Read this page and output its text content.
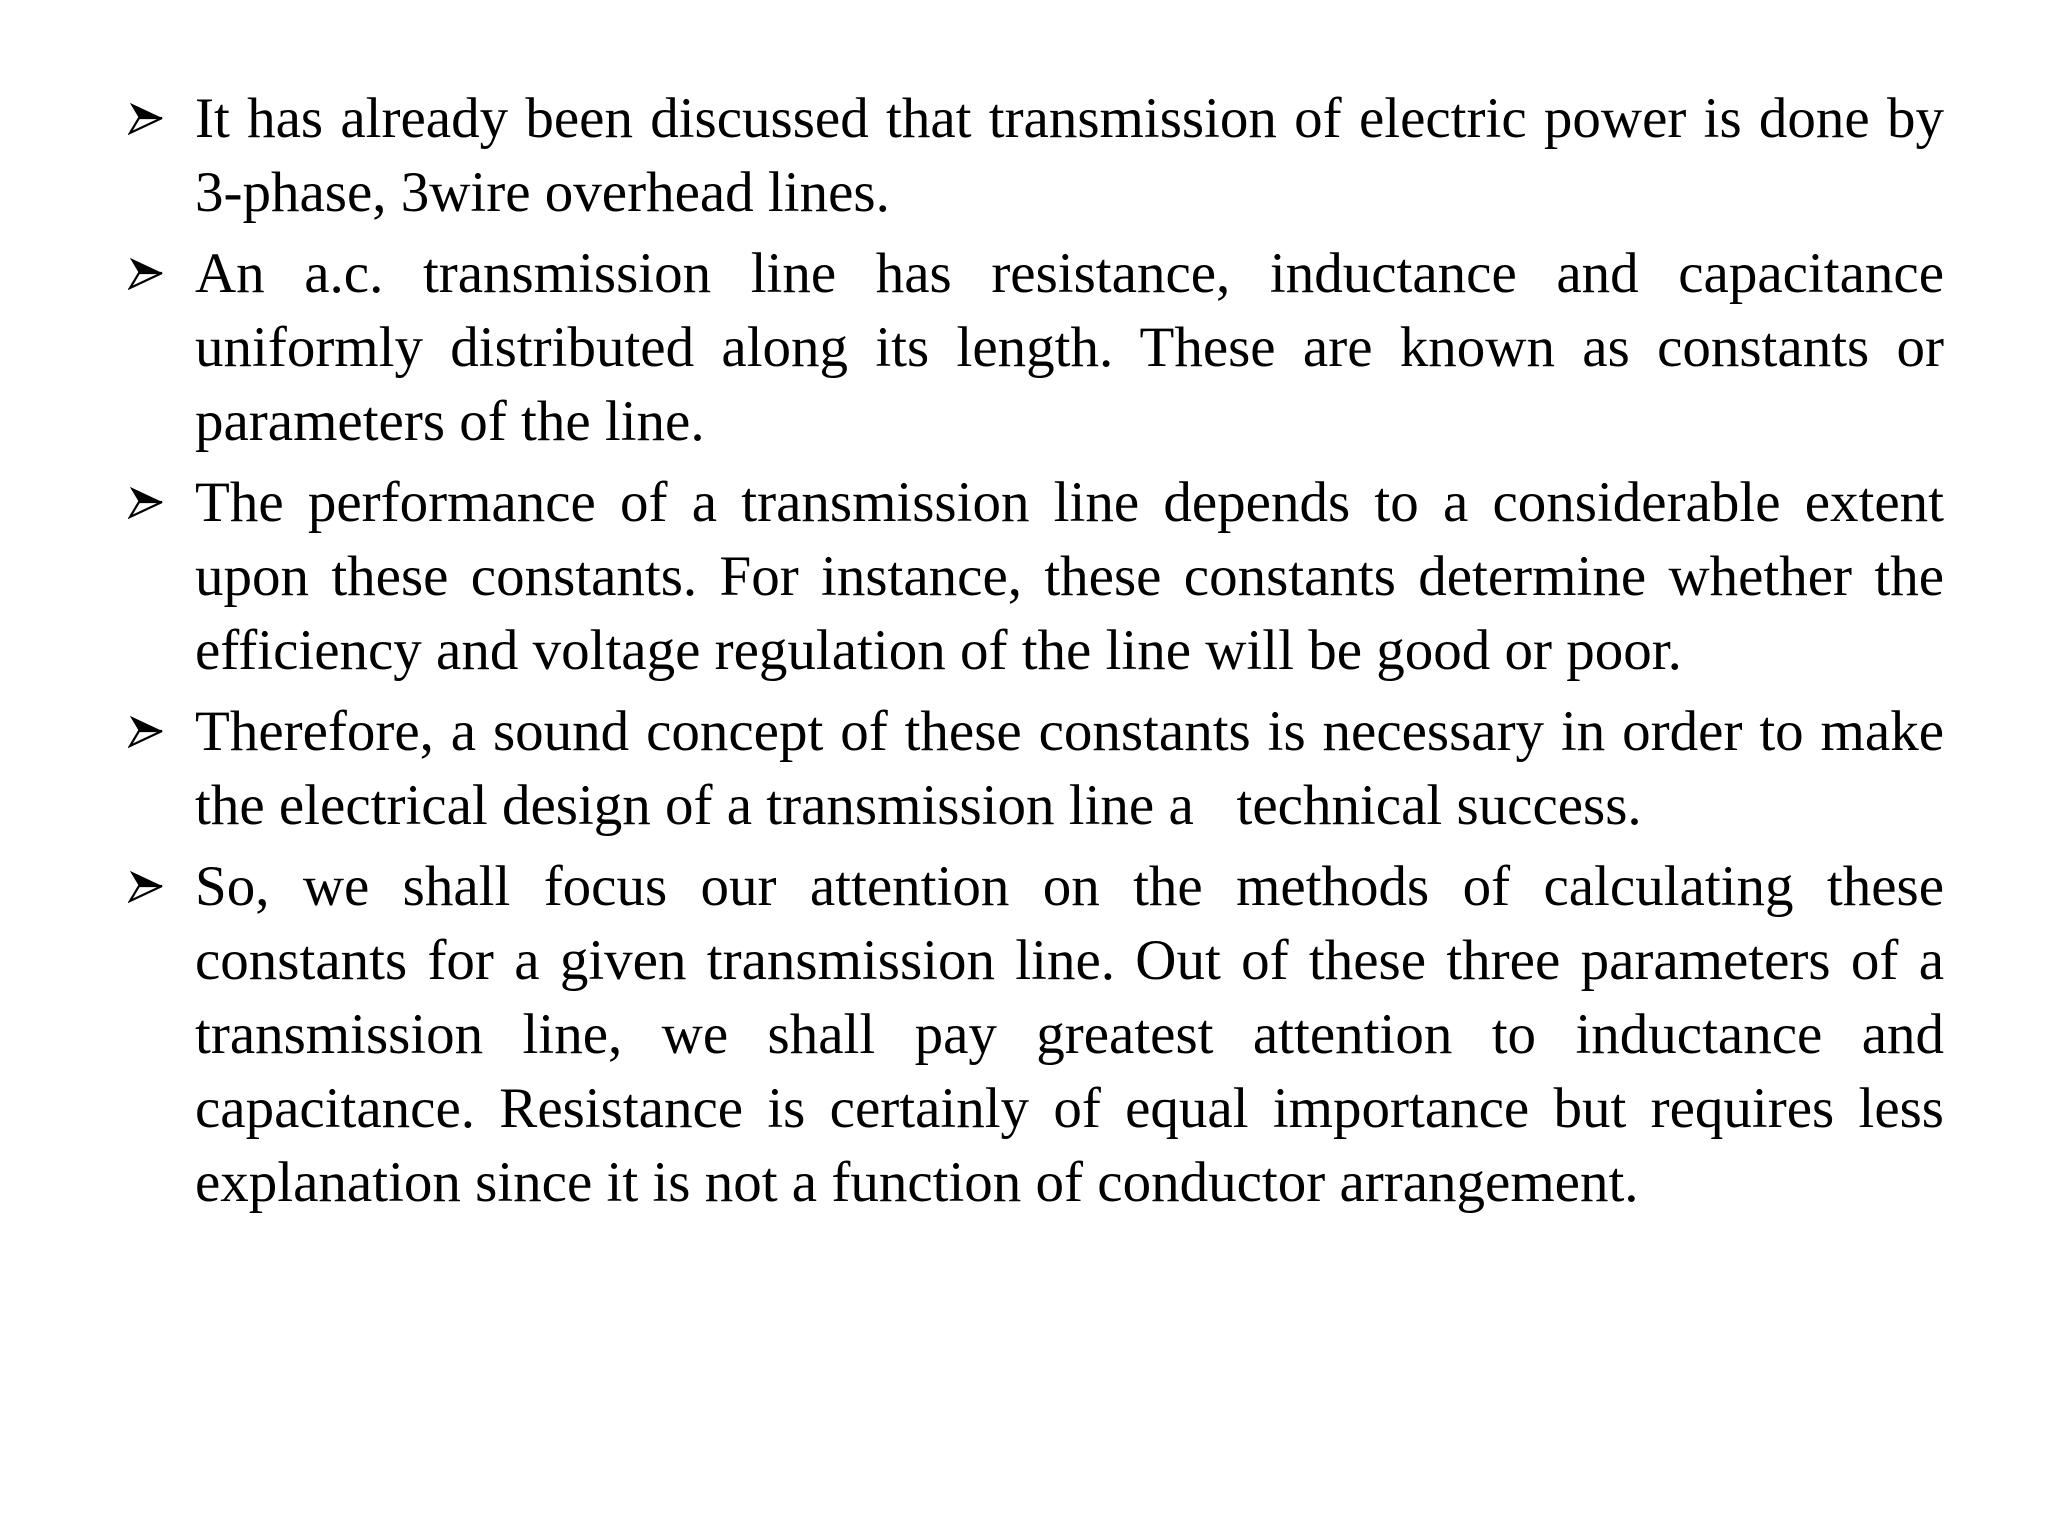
It has already been discussed that transmission of electric power is done by 3-phase, 3wire overhead lines.
An a.c. transmission line has resistance, inductance and capacitance uniformly distributed along its length. These are known as constants or parameters of the line.
The performance of a transmission line depends to a considerable extent upon these constants. For instance, these constants determine whether the efficiency and voltage regulation of the line will be good or poor.
Therefore, a sound concept of these constants is necessary in order to make the electrical design of a transmission line a   technical success.
So, we shall focus our attention on the methods of calculating these constants for a given transmission line. Out of these three parameters of a transmission line, we shall pay greatest attention to inductance and capacitance. Resistance is certainly of equal importance but requires less explanation since it is not a function of conductor arrangement.
